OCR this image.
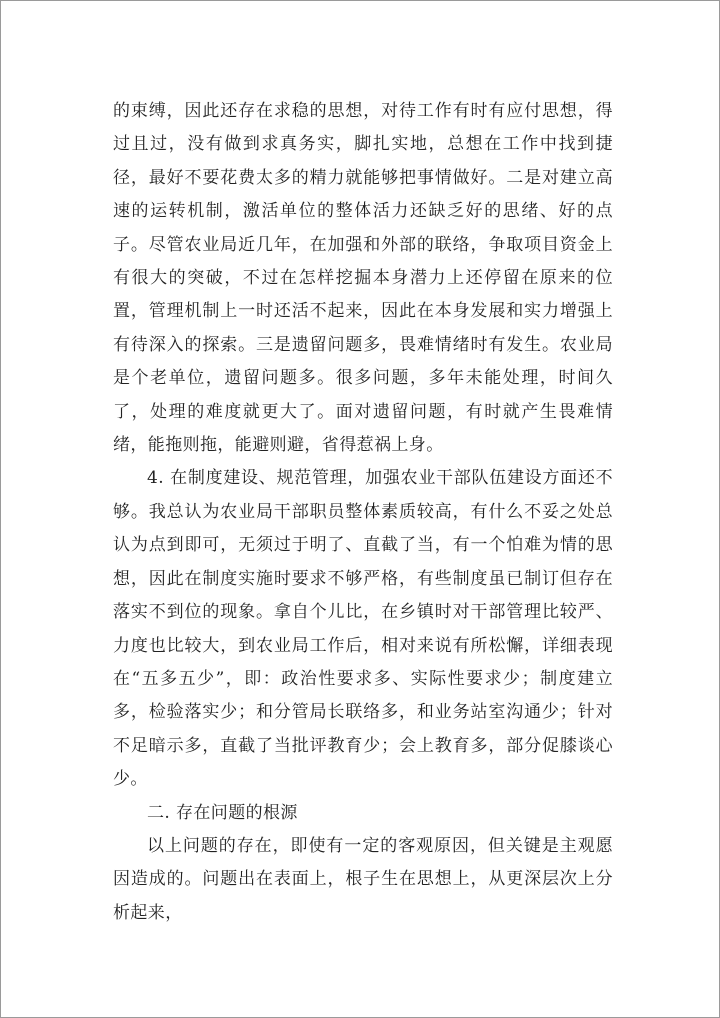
的束缚，因此还存在求稳的思想，对待工作有时有应付思想，得过且过，没有做到求真务实，脚扎实地，总想在工作中找到捷径，最好不要花费太多的精力就能够把事情做好。二是对建立高速的运转机制，激活单位的整体活力还缺乏好的思绪、好的点子。尽管农业局近几年，在加强和外部的联络，争取项目资金上有很大的突破，不过在怎样挖掘本身潜力上还停留在原来的位置，管理机制上一时还活不起来，因此在本身发展和实力增强上有待深入的探索。三是遗留问题多，畏难情绪时有发生。农业局是个老单位，遗留问题多。很多问题，多年未能处理，时间久了，处理的难度就更大了。面对遗留问题，有时就产生畏难情绪，能拖则拖，能避则避，省得惹祸上身。

4. 在制度建设、规范管理，加强农业干部队伍建设方面还不够。我总认为农业局干部职员整体素质较高，有什么不妥之处总认为点到即可，无须过于明了、直截了当，有一个怕难为情的思想，因此在制度实施时要求不够严格，有些制度虽已制订但存在落实不到位的现象。拿自个儿比，在乡镇时对干部管理比较严、力度也比较大，到农业局工作后，相对来说有所松懈，详细表现在“五多五少”，即：政治性要求多、实际性要求少；制度建立多，检验落实少；和分管局长联络多，和业务站室沟通少；针对不足暗示多，直截了当批评教育少；会上教育多，部分促膝谈心少。

二. 存在问题的根源

以上问题的存在，即使有一定的客观原因，但关键是主观愿因造成的。问题出在表面上，根子生在思想上，从更深层次上分析起来，
